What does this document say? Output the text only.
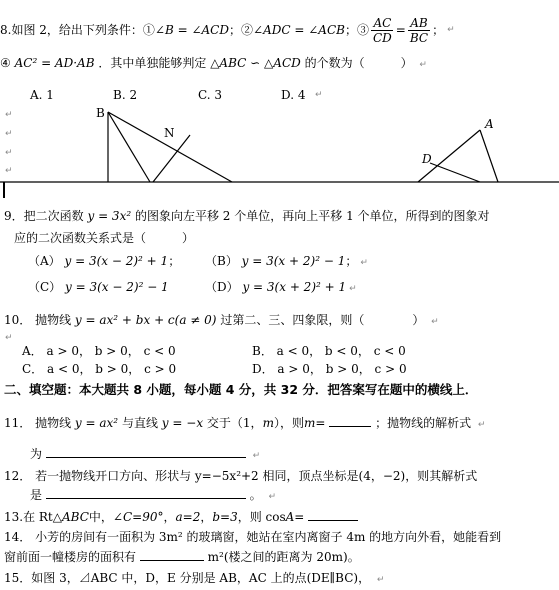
8.如图 2，给出下列条件：① ∠B = ∠ACD ；② ∠ADC = ∠ACB ；③ $\frac{AC}{CD} = \frac{AB}{BC}$ ； ↵
④ AC² = AD·AB ．其中单独能够判定 △ABC ∽ △ACD 的个数为（　　　） ↵
A. 1	B. 2	C. 3	D. 4 ↵
↵
↵
↵
↵
B
N
A
D
9．把二次函数 y = 3x² 的图象向左平移 2 个单位，再向上平移 1 个单位，所得到的图象对
应的二次函数关系式是（　　　）
（A） y = 3(x − 2)² + 1； （B） y = 3(x + 2)² − 1； ↵
（C） y = 3(x − 2)² − 1	（D） y = 3(x + 2)² + 1 ↵
10． 抛物线 y = ax² + bx + c(a ≠ 0) 过第二、三、四象限，则（　　　　） ↵
↵
A． a > 0， b > 0， c < 0	B． a < 0， b < 0， c < 0
C． a < 0， b > 0， c > 0	D． a > 0， b > 0， c > 0
二、填空题：本大题共 8 小题，每小题 4 分，共 32 分．把答案写在题中的横线上．
11． 抛物线 y = ax² 与直线 y = −x 交于（1，m），则m=	；抛物线的解析式 ↵
为	↵
12． 若一抛物线开口方向、形状与 y=−5x²+2 相同，顶点坐标是(4，−2)，则其解析式
是	。 ↵
13.在 Rt△ABC中，∠C=90°，a=2，b=3，则 cosA=
14． 小芳的房间有一面积为 3m² 的玻璃窗，她站在室内离窗子 4m 的地方向外看，她能看到
窗前面一幢楼房的面积有	m²(楼之间的距离为 20m)。
15．如图 3，⊿ABC 中，D，E 分别是 AB，AC 上的点(DE∥BC)， ↵
